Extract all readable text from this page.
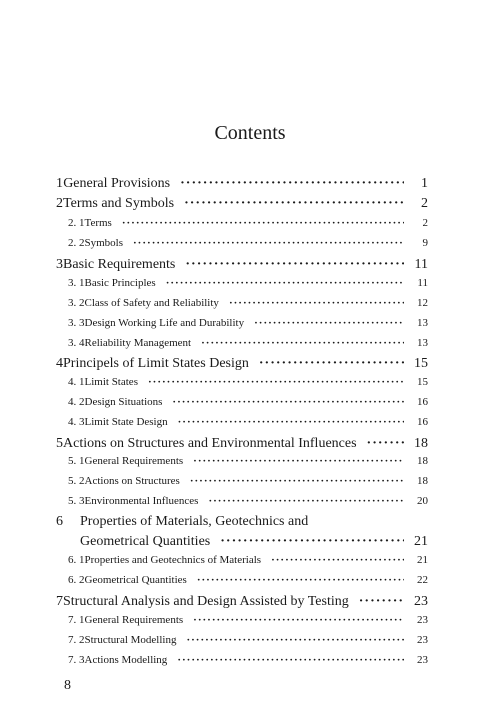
Contents
1 General Provisions ·····	1
2 Terms and Symbols ·····	2
2. 1 Terms ·····	2
2. 2 Symbols ·····	9
3 Basic Requirements ·····	11
3. 1 Basic Principles ·····	11
3. 2 Class of Safety and Reliability ·····	12
3. 3 Design Working Life and Durability ·····	13
3. 4 Reliability Management ·····	13
4 Principels of Limit States Design ·····	15
4. 1 Limit States ·····	15
4. 2 Design Situations ·····	16
4. 3 Limit State Design ·····	16
5 Actions on Structures and Environmental Influences ·····	18
5. 1 General Requirements ·····	18
5. 2 Actions on Structures ·····	18
5. 3 Environmental Influences ·····	20
6	Properties of Materials, Geotechnics and
Geometrical Quantities ·····	21
6. 1 Properties and Geotechnics of Materials ·····	21
6. 2 Geometrical Quantities ·····	22
7 Structural Analysis and Design Assisted by Testing ·····	23
7. 1 General Requirements ·····	23
7. 2 Structural Modelling ·····	23
7. 3 Actions Modelling ·····	23
8
